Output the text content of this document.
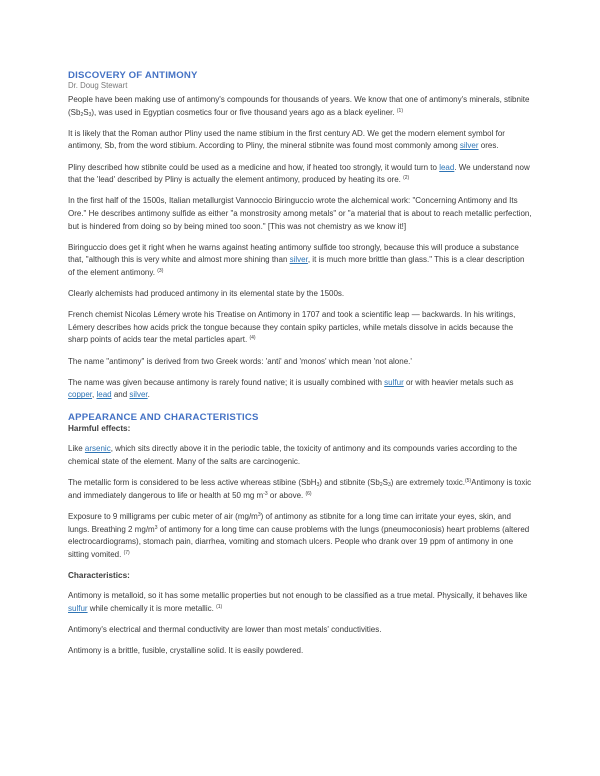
DISCOVERY OF ANTIMONY
Dr. Doug Stewart

People have been making use of antimony's compounds for thousands of years. We know that one of antimony's minerals, stibnite $(Sb_2S_3)$, was used in Egyptian cosmetics four or five thousand years ago as a black eyeliner. $^{(1)}$

It is likely that the Roman author Pliny used the name stibium in the first century AD. We get the modern element symbol for antimony, Sb, from the word stibium. According to Pliny, the mineral stibnite was found most commonly among silver ores.

Pliny described how stibnite could be used as a medicine and how, if heated too strongly, it would turn to lead. We understand now that the 'lead' described by Pliny is actually the element antimony, produced by heating its ore. $^{(2)}$

In the first half of the 1500s, Italian metallurgist Vannoccio Biringuccio wrote the alchemical work: "Concerning Antimony and Its Ore." He describes antimony sulfide as either "a monstrosity among metals" or "a material that is about to reach metallic perfection, but is hindered from doing so by being mined too soon." [This was not chemistry as we know it!]

Biringuccio does get it right when he warns against heating antimony sulfide too strongly, because this will produce a substance that, "although this is very white and almost more shining than silver, it is much more brittle than glass." This is a clear description of the element antimony. $^{(3)}$

Clearly alchemists had produced antimony in its elemental state by the 1500s.

French chemist Nicolas Lémery wrote his Treatise on Antimony in 1707 and took a scientific leap — backwards. In his writings, Lémery describes how acids prick the tongue because they contain spiky particles, while metals dissolve in acids because the sharp points of acids tear the metal particles apart. $^{(4)}$

The name "antimony" is derived from two Greek words: 'anti' and 'monos' which mean 'not alone.'

The name was given because antimony is rarely found native; it is usually combined with sulfur or with heavier metals such as copper, lead and silver.

APPEARANCE AND CHARACTERISTICS
Harmful effects:

Like arsenic, which sits directly above it in the periodic table, the toxicity of antimony and its compounds varies according to the chemical state of the element. Many of the salts are carcinogenic.

The metallic form is considered to be less active whereas stibine (SbH$_3$) and stibnite $(Sb_2S_3)$ are extremely toxic.$^{(5)}$Antimony is toxic and immediately dangerous to life or health at 50 mg $m^{-3}$ or above. $^{(6)}$

Exposure to 9 milligrams per cubic meter of air $(mg/m^3)$ of antimony as stibnite for a long time can irritate your eyes, skin, and lungs. Breathing 2 $mg/m^3$ of antimony for a long time can cause problems with the lungs (pneumoconiosis) heart problems (altered electrocardiograms), stomach pain, diarrhea, vomiting and stomach ulcers. People who drank over 19 ppm of antimony in one sitting vomited. $^{(7)}$

Characteristics:

Antimony is metalloid, so it has some metallic properties but not enough to be classified as a true metal. Physically, it behaves like sulfur while chemically it is more metallic. $^{(1)}$

Antimony's electrical and thermal conductivity are lower than most metals' conductivities.

Antimony is a brittle, fusible, crystalline solid. It is easily powdered.
